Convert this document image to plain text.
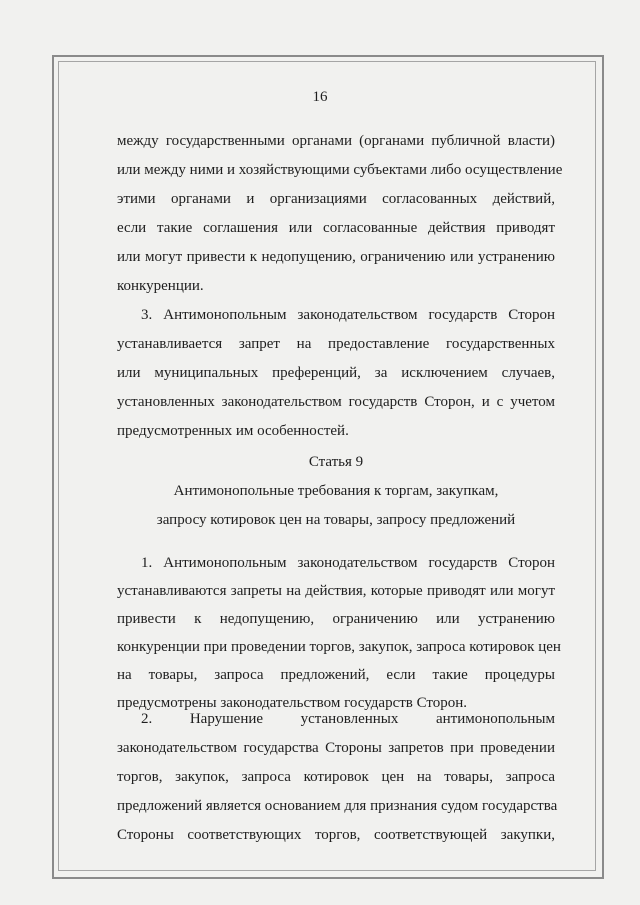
16
между государственными органами (органами публичной власти)
или между ними и хозяйствующими субъектами либо осуществление
этими органами и организациями согласованных действий,
если такие соглашения или согласованные действия приводят
или могут привести к недопущению, ограничению или устранению
конкуренции.
3. Антимонопольным законодательством государств Сторон
устанавливается запрет на предоставление государственных
или муниципальных преференций, за исключением случаев,
установленных законодательством государств Сторон, и с учетом
предусмотренных им особенностей.
Статья 9
Антимонопольные требования к торгам, закупкам,
запросу котировок цен на товары, запросу предложений
1. Антимонопольным законодательством государств Сторон
устанавливаются запреты на действия, которые приводят или могут
привести к недопущению, ограничению или устранению
конкуренции при проведении торгов, закупок, запроса котировок цен
на товары, запроса предложений, если такие процедуры
предусмотрены законодательством государств Сторон.
2. Нарушение установленных антимонопольным
законодательством государства Стороны запретов при проведении
торгов, закупок, запроса котировок цен на товары, запроса
предложений является основанием для признания судом государства
Стороны соответствующих торгов, соответствующей закупки,
